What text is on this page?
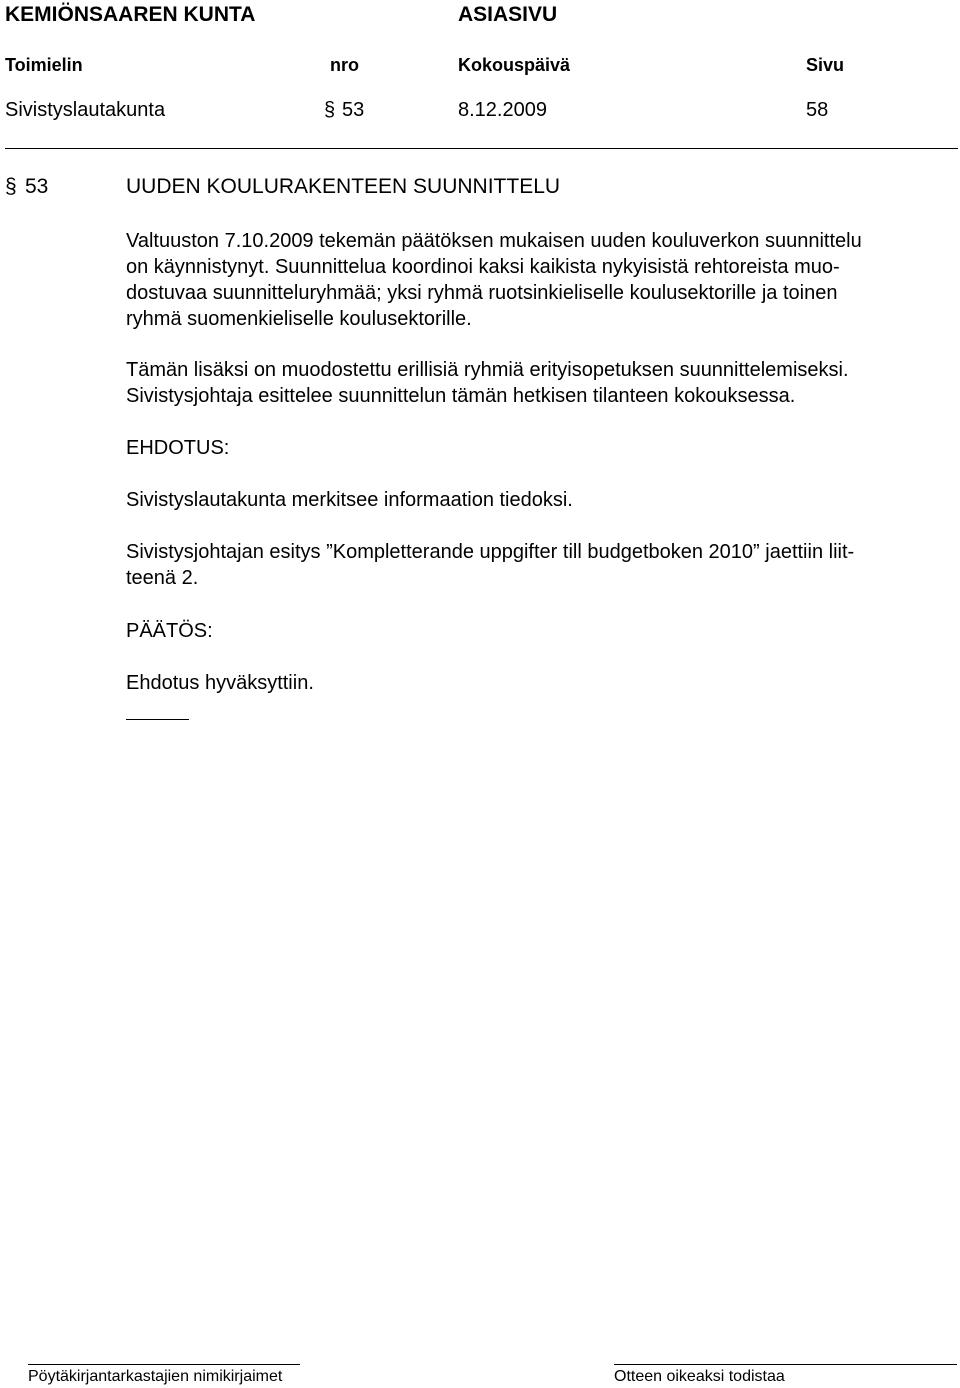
KEMIÖNSAAREN KUNTA	ASIASIVU
Toimielin	nro	Kokouspäivä	Sivu
Sivistyslautakunta	§ 53	8.12.2009	58
§ 53	UUDEN KOULURAKENTEEN SUUNNITTELU
Valtuuston 7.10.2009 tekemän päätöksen mukaisen uuden kouluverkon suunnittelu
on käynnistynyt. Suunnittelua koordinoi kaksi kaikista nykyisistä rehtoreista muo-
dostuvaa suunnitteluryhmää; yksi ryhmä ruotsinkieliselle koulusektorille ja toinen
ryhmä suomenkieliselle koulusektorille.
Tämän lisäksi on muodostettu erillisiä ryhmiä erityisopetuksen suunnittelemiseksi.
Sivistysjohtaja esittelee suunnittelun tämän hetkisen tilanteen kokouksessa.
EHDOTUS:
Sivistyslautakunta merkitsee informaation tiedoksi.
Sivistysjohtajan esitys ”Kompletterande uppgifter till budgetboken 2010” jaettiin liit-
teenä 2.
PÄÄTÖS:
Ehdotus hyväksyttiin.
Pöytäkirjantarkastajien nimikirjaimet	Otteen oikeaksi todistaa
